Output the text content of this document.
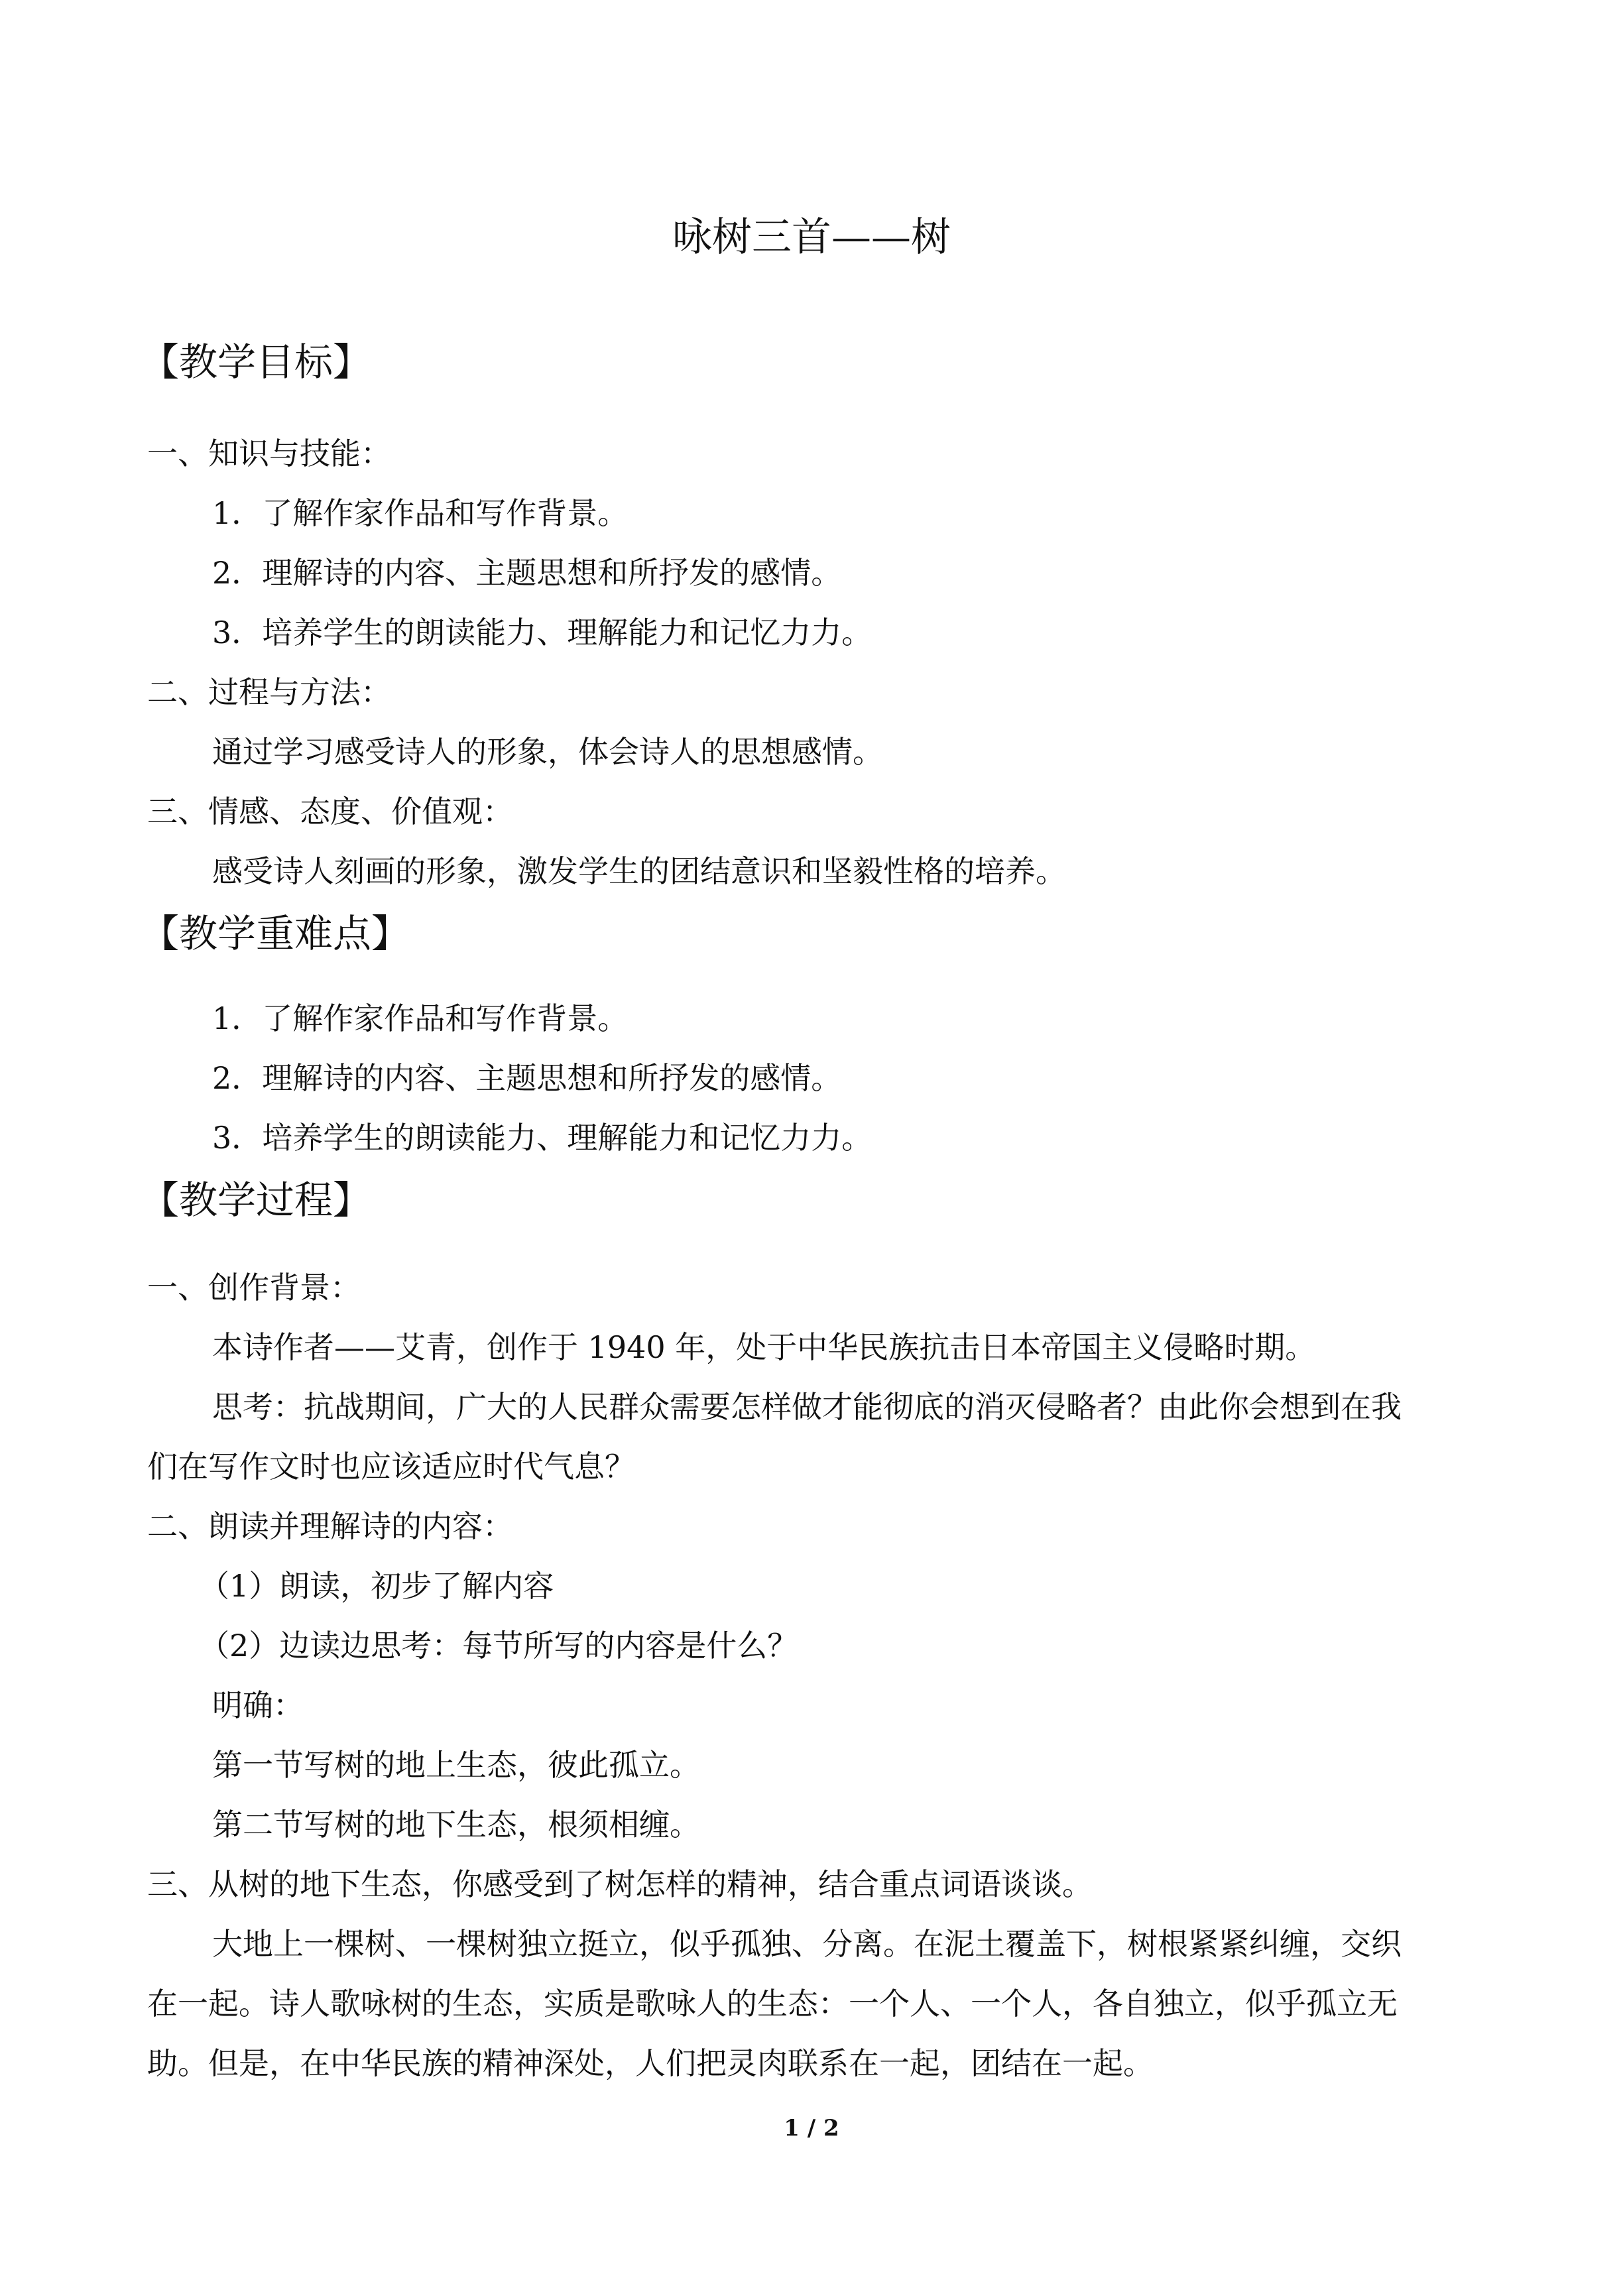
咏树三首——树
【教学目标】
一、知识与技能：
1．了解作家作品和写作背景。
2．理解诗的内容、主题思想和所抒发的感情。
3．培养学生的朗读能力、理解能力和记忆力力。
二、过程与方法：
通过学习感受诗人的形象，体会诗人的思想感情。
三、情感、态度、价值观：
感受诗人刻画的形象，激发学生的团结意识和坚毅性格的培养。
【教学重难点】
1．了解作家作品和写作背景。
2．理解诗的内容、主题思想和所抒发的感情。
3．培养学生的朗读能力、理解能力和记忆力力。
【教学过程】
一、创作背景：
本诗作者——艾青，创作于 1940 年，处于中华民族抗击日本帝国主义侵略时期。
思考：抗战期间，广大的人民群众需要怎样做才能彻底的消灭侵略者？由此你会想到在我
们在写作文时也应该适应时代气息？
二、朗读并理解诗的内容：
（1）朗读，初步了解内容
（2）边读边思考：每节所写的内容是什么？
明确：
第一节写树的地上生态，彼此孤立。
第二节写树的地下生态，根须相缠。
三、从树的地下生态，你感受到了树怎样的精神，结合重点词语谈谈。
大地上一棵树、一棵树独立挺立，似乎孤独、分离。在泥土覆盖下，树根紧紧纠缠，交织
在一起。诗人歌咏树的生态，实质是歌咏人的生态：一个人、一个人，各自独立，似乎孤立无
助。但是，在中华民族的精神深处，人们把灵肉联系在一起，团结在一起。
1 / 2
